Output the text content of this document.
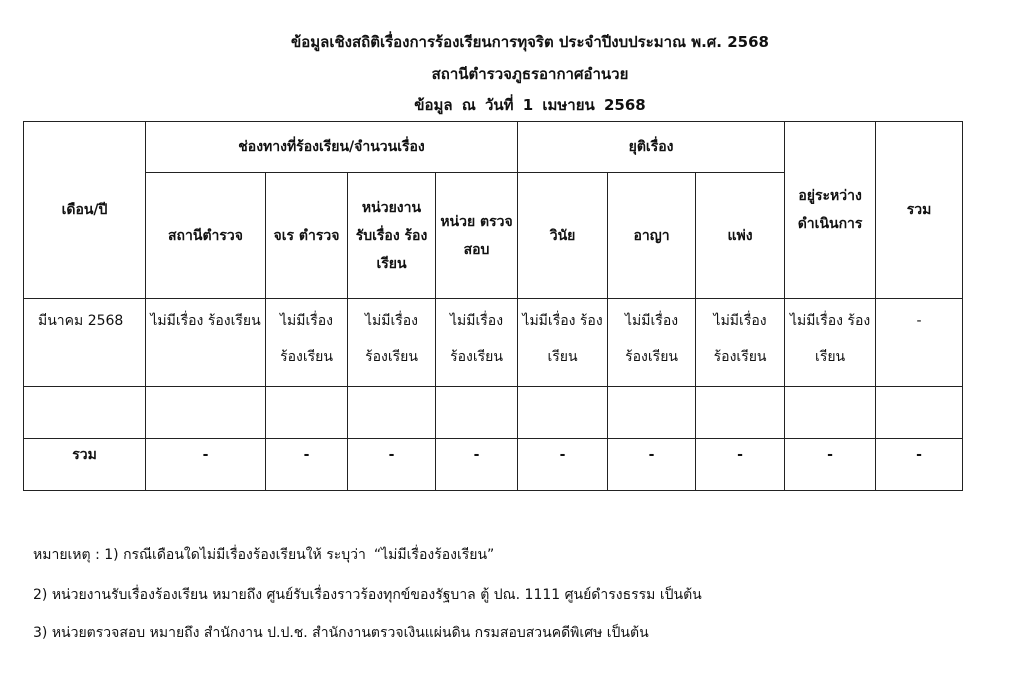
ข้อมูลเชิงสถิติเรื่องการร้องเรียนการทุจริต ประจำปีงบประมาณ พ.ศ. 2568
สถานีตำรวจภูธรอากาศอำนวย
ข้อมูล ณ วันที่ 1 เมษายน 2568
เดือน/ปี	ช่องทางที่ร้องเรียน/จำนวนเรื่อง				ยุติเรื่อง			อยู่ระหว่าง ดำเนินการ	รวม
	สถานีตำรวจ	จเร ตำรวจ	หน่วยงาน รับเรื่อง ร้องเรียน	หน่วย ตรวจสอบ	วินัย	อาญา	แพ่ง		
มีนาคม 2568	ไม่มีเรื่อง ร้องเรียน	ไม่มีเรื่อง ร้องเรียน	ไม่มีเรื่อง ร้องเรียน	ไม่มีเรื่อง ร้องเรียน	ไม่มีเรื่อง ร้องเรียน	ไม่มีเรื่อง ร้องเรียน	ไม่มีเรื่อง ร้องเรียน	ไม่มีเรื่อง ร้องเรียน	-

รวม	-	-	-	-	-	-	-	-	-
หมายเหตุ : 1) กรณีเดือนใดไม่มีเรื่องร้องเรียนให้ ระบุว่า “ไม่มีเรื่องร้องเรียน”
2) หน่วยงานรับเรื่องร้องเรียน หมายถึง ศูนย์รับเรื่องราวร้องทุกข์ของรัฐบาล ตู้ ปณ. 1111 ศูนย์ดำรงธรรม เป็นต้น
3) หน่วยตรวจสอบ หมายถึง สำนักงาน ป.ป.ช. สำนักงานตรวจเงินแผ่นดิน กรมสอบสวนคดีพิเศษ เป็นต้น
